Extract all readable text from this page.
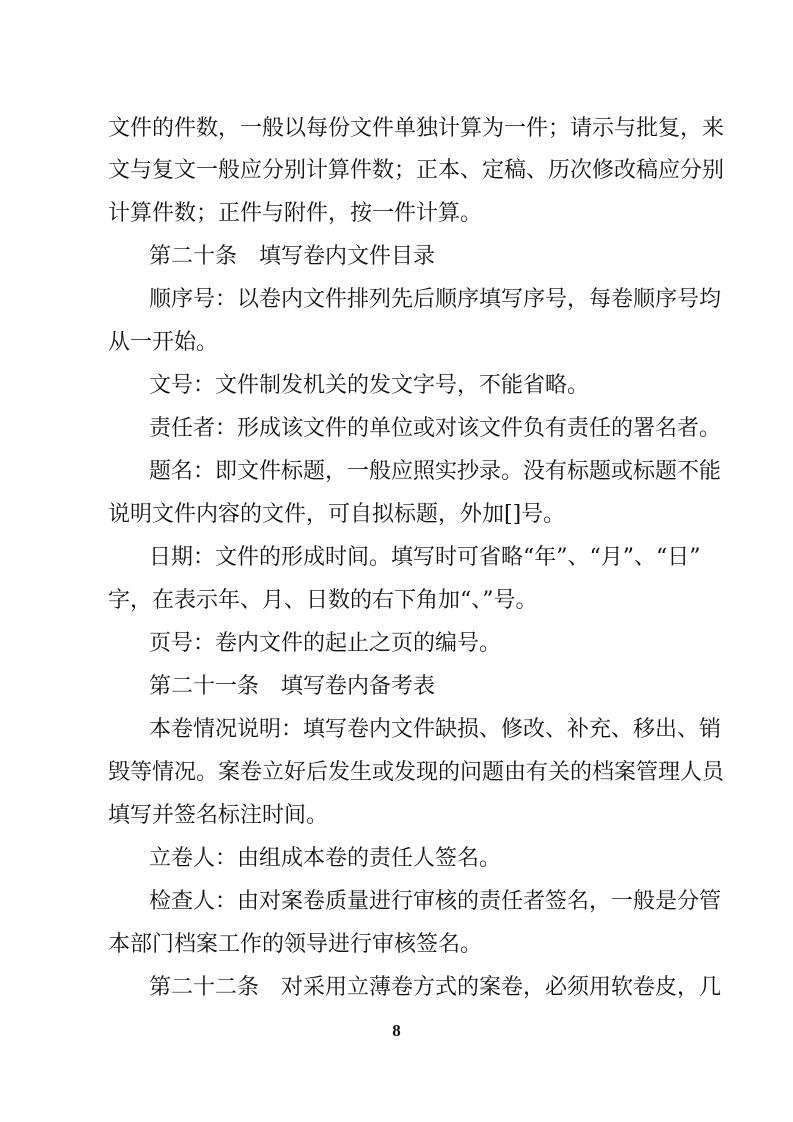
文件的件数，一般以每份文件单独计算为一件；请示与批复，来
文与复文一般应分别计算件数；正本、定稿、历次修改稿应分别
计算件数；正件与附件，按一件计算。
第二十条　填写卷内文件目录
顺序号：以卷内文件排列先后顺序填写序号，每卷顺序号均
从一开始。
文号：文件制发机关的发文字号，不能省略。
责任者：形成该文件的单位或对该文件负有责任的署名者。
题名：即文件标题，一般应照实抄录。没有标题或标题不能
说明文件内容的文件，可自拟标题，外加[]号。
日期：文件的形成时间。填写时可省略“年”、“月”、“日”
字，在表示年、月、日数的右下角加“、”号。
页号：卷内文件的起止之页的编号。
第二十一条　填写卷内备考表
本卷情况说明：填写卷内文件缺损、修改、补充、移出、销
毁等情况。案卷立好后发生或发现的问题由有关的档案管理人员
填写并签名标注时间。
立卷人：由组成本卷的责任人签名。
检查人：由对案卷质量进行审核的责任者签名，一般是分管
本部门档案工作的领导进行审核签名。
第二十二条　对采用立薄卷方式的案卷，必须用软卷皮，几
8
